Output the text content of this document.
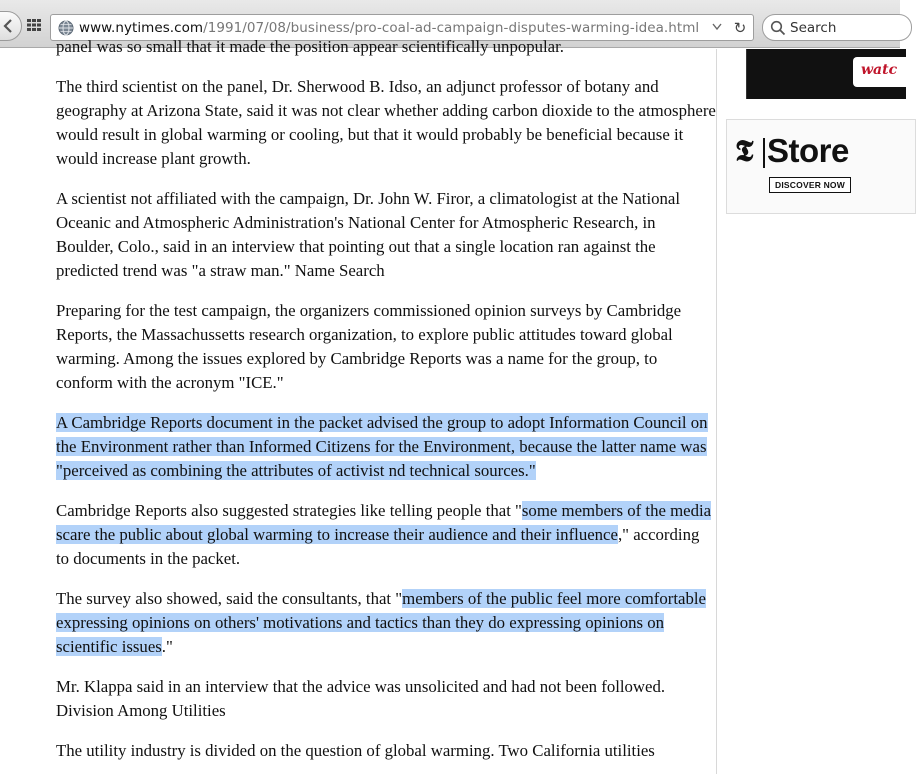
www.nytimes.com/1991/07/08/business/pro-coal-ad-campaign-disputes-warming-idea.html ↻	Search

panel was so small that it made the position appear scientifically unpopular.

The third scientist on the panel, Dr. Sherwood B. Idso, an adjunct professor of botany and geography at Arizona State, said it was not clear whether adding carbon dioxide to the atmosphere would result in global warming or cooling, but that it would probably be beneficial because it would increase plant growth.

A scientist not affiliated with the campaign, Dr. John W. Firor, a climatologist at the National Oceanic and Atmospheric Administration's National Center for Atmospheric Research, in Boulder, Colo., said in an interview that pointing out that a single location ran against the predicted trend was "a straw man." Name Search

Preparing for the test campaign, the organizers commissioned opinion surveys by Cambridge Reports, the Massachussetts research organization, to explore public attitudes toward global warming. Among the issues explored by Cambridge Reports was a name for the group, to conform with the acronym "ICE."

A Cambridge Reports document in the packet advised the group to adopt Information Council on the Environment rather than Informed Citizens for the Environment, because the latter name was "perceived as combining the attributes of activist nd technical sources."

Cambridge Reports also suggested strategies like telling people that "some members of the media scare the public about global warming to increase their audience and their influence," according to documents in the packet.

The survey also showed, said the consultants, that "members of the public feel more comfortable expressing opinions on others' motivations and tactics than they do expressing opinions on scientific issues."

Mr. Klappa said in an interview that the advice was unsolicited and had not been followed. Division Among Utilities

The utility industry is divided on the question of global warming. Two California utilities

watc
𝕿 Store
DISCOVER NOW
